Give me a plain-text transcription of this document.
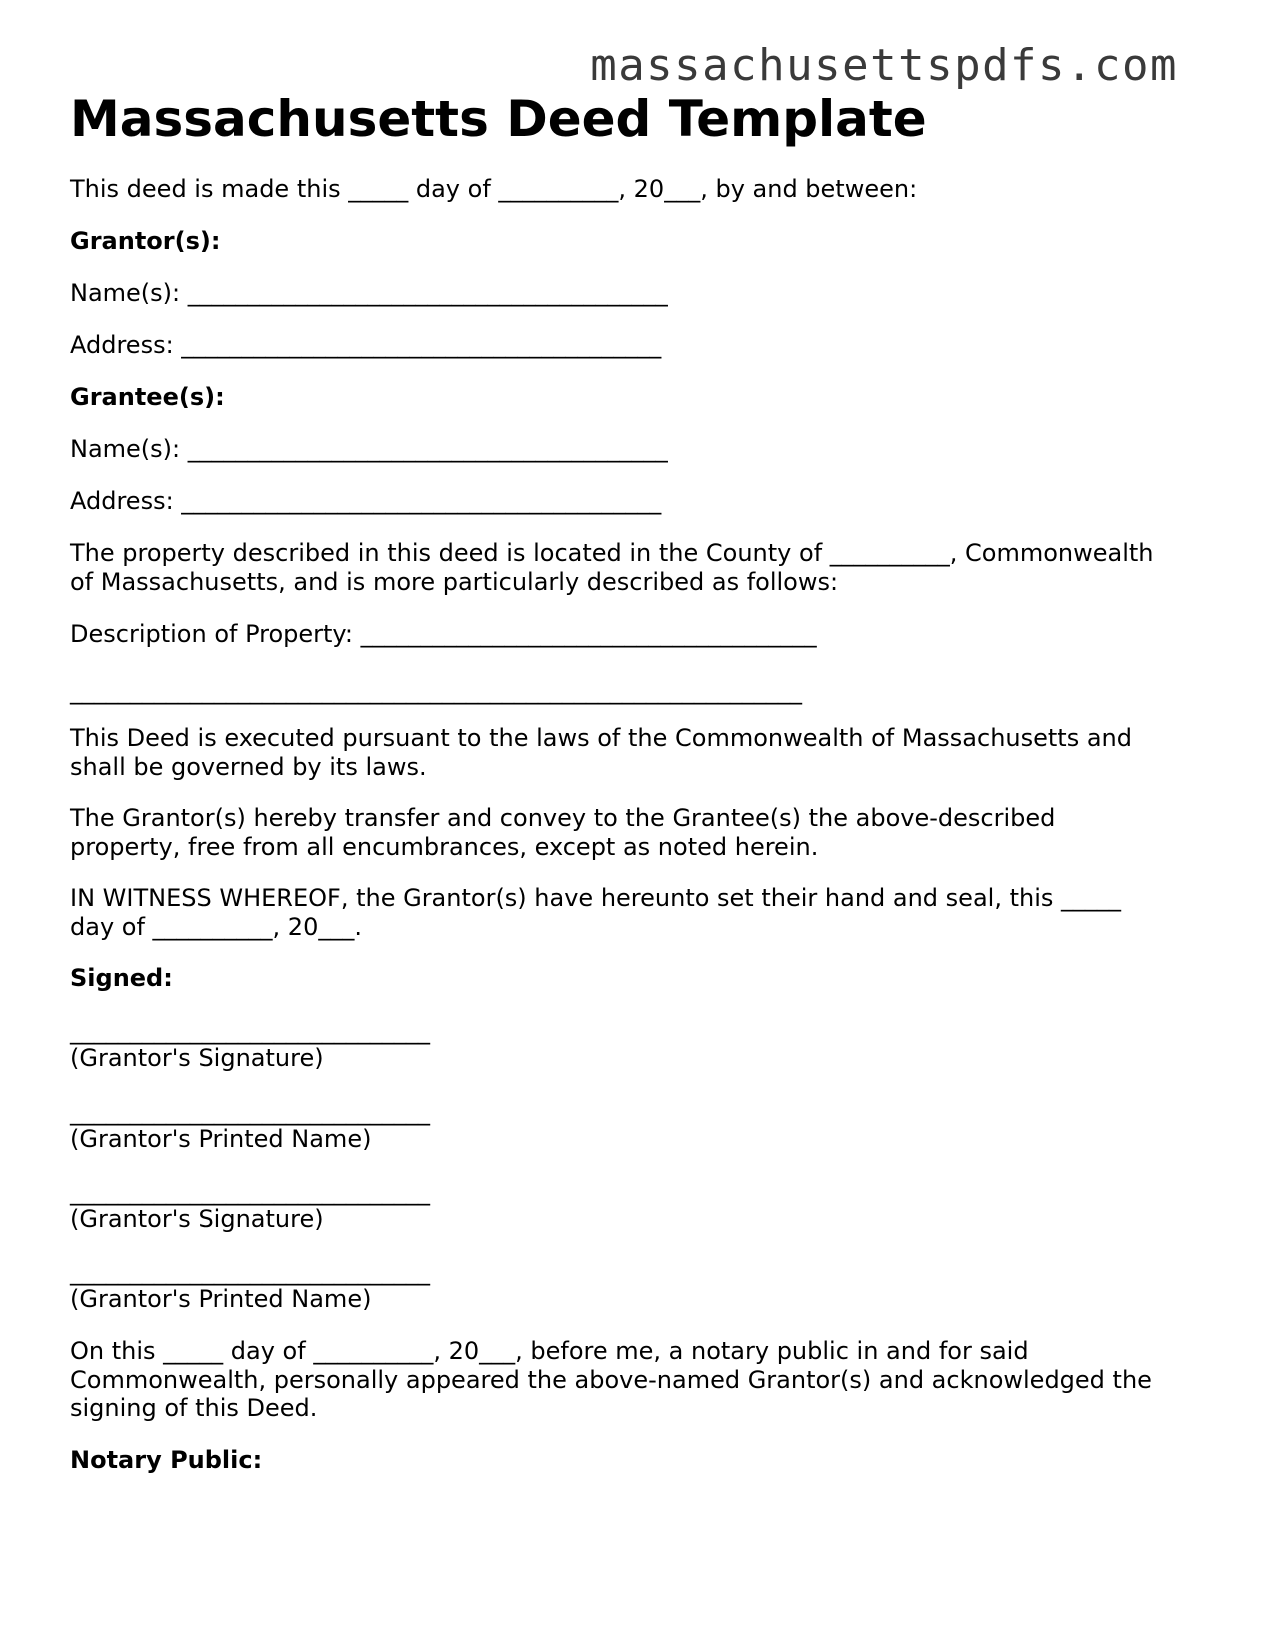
massachusettspdfs.com

Massachusetts Deed Template

This deed is made this _____ day of __________, 20___, by and between:

Grantor(s):

Name(s): ________________________________________

Address: ________________________________________

Grantee(s):

Name(s): ________________________________________

Address: ________________________________________

The property described in this deed is located in the County of __________, Commonwealth

of Massachusetts, and is more particularly described as follows:

Description of Property: ______________________________________

_____________________________________________________________

This Deed is executed pursuant to the laws of the Commonwealth of Massachusetts and

shall be governed by its laws.

The Grantor(s) hereby transfer and convey to the Grantee(s) the above-described

property, free from all encumbrances, except as noted herein.

IN WITNESS WHEREOF, the Grantor(s) have hereunto set their hand and seal, this _____

day of __________, 20___.

Signed:

______________________________

(Grantor's Signature)

______________________________

(Grantor's Printed Name)

______________________________

(Grantor's Signature)

______________________________

(Grantor's Printed Name)

On this _____ day of __________, 20___, before me, a notary public in and for said

Commonwealth, personally appeared the above-named Grantor(s) and acknowledged the

signing of this Deed.

Notary Public:
